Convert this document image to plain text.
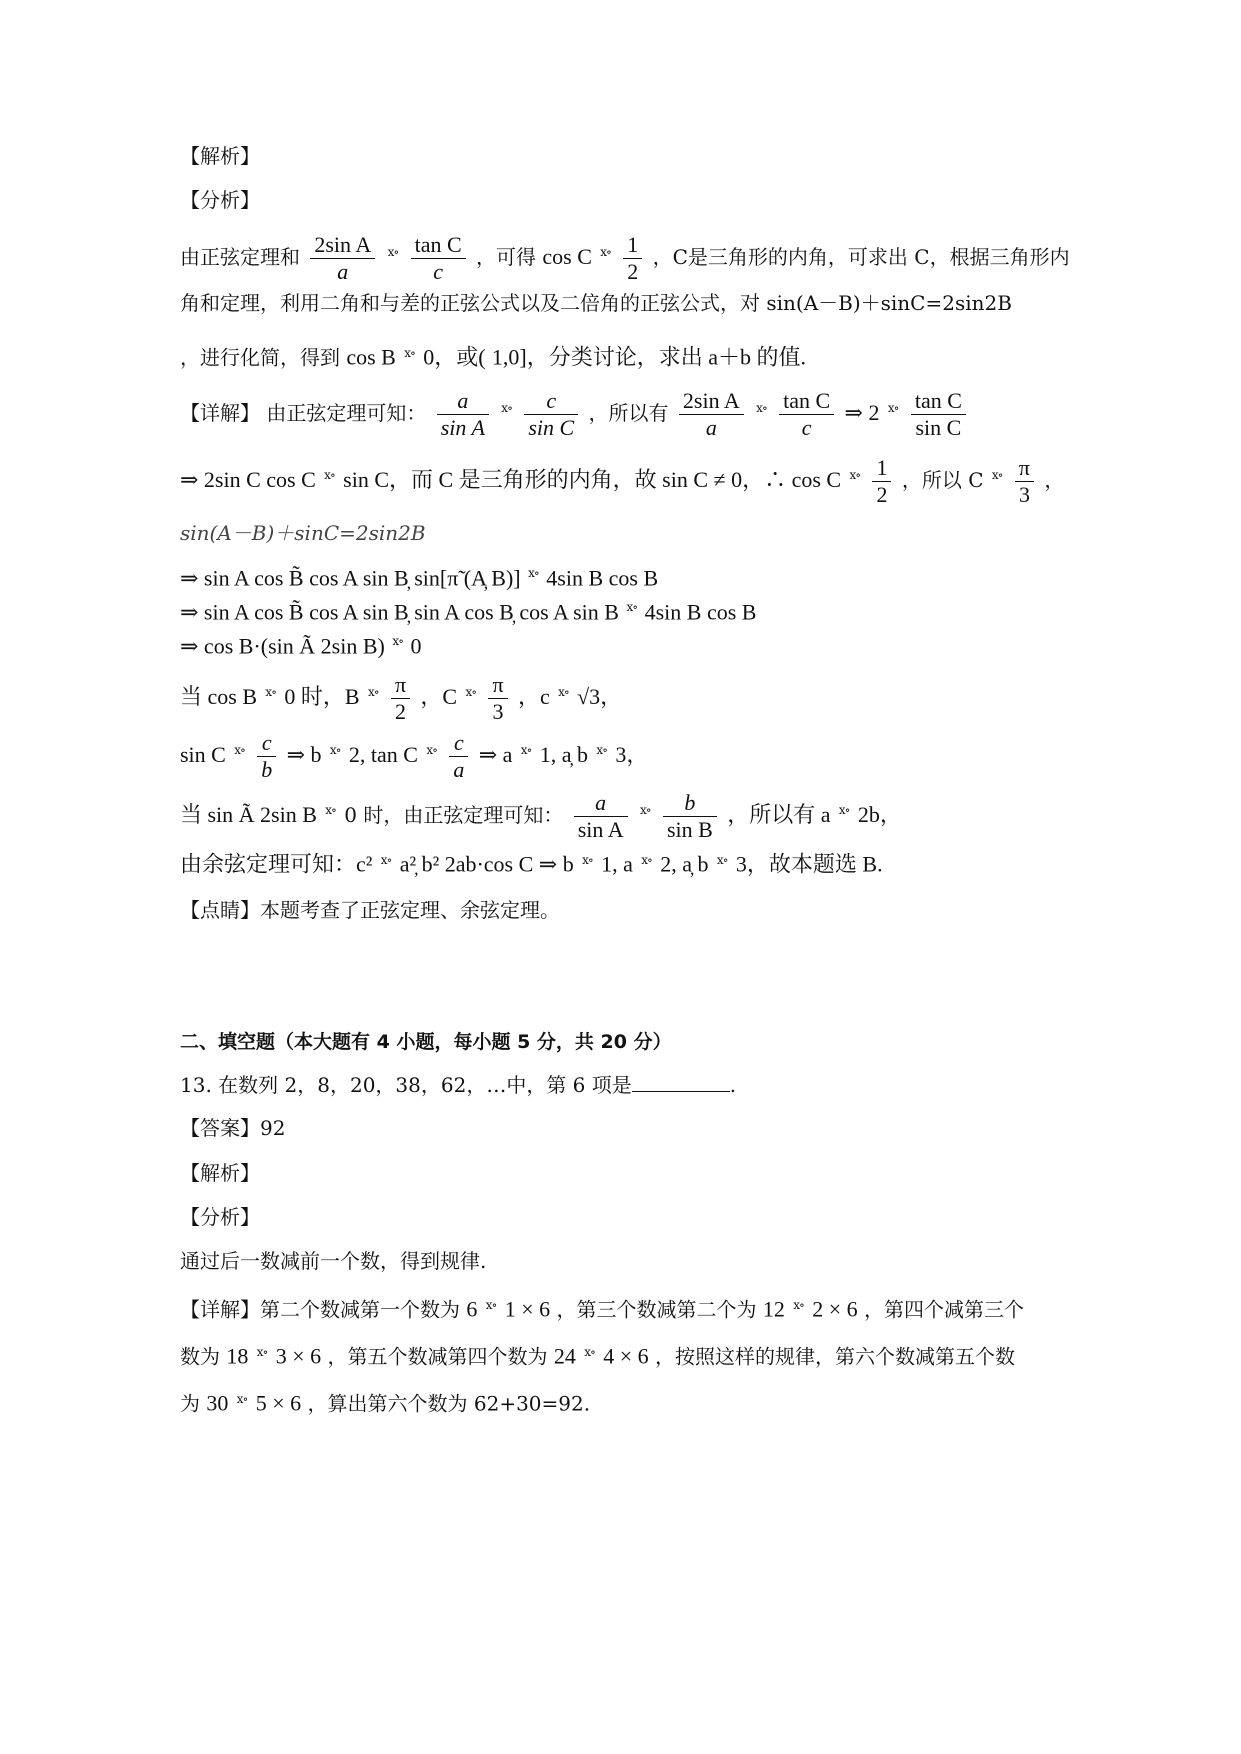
【解析】
【分析】
由正弦定理和 $\frac{\text{2sin A}}{a}$ ⅹ∘ $\frac{\text{tan C}}{c}$ ，可得 cos C ⅹ∘ $\frac{1}{2}$ ，C是三角形的内角，可求出 C，根据三角形内
角和定理，利用二角和与差的正弦公式以及二倍角的正弦公式，对 sin(A－B)＋sinC=2sin2B
，进行化简，得到 cos B ⅹ∘ 0，或( 1,0]，分类讨论，求出 a＋b 的值.
【详解】 由正弦定理可知： $\frac{a}{\text{sin A}}$ ⅹ∘ $\frac{c}{\text{sin C}}$ ，所以有 $\frac{\text{2sin A}}{a}$ ⅹ∘ $\frac{\text{tan C}}{c}$ ⇒ 2 ⅹ∘ $\frac{\text{tan C}}{\text{sin C}}$
⇒ 2sin C cos C ⅹ∘ sin C，而 C 是三角形的内角，故 sin C ≠ 0，∴ cos C ⅹ∘ $\frac{1}{2}$ ，所以 C ⅹ∘ $\frac{\pi}{3}$ ，
sin(A－B)＋sinC=2sin2B
⇒ sin A cos B̃ cos A sin B̦ sin[π̃ (A̦ B)] ⅹ∘ 4sin B cos B
⇒ sin A cos B̃ cos A sin B̦ sin A cos B̦ cos A sin B ⅹ∘ 4sin B cos B
⇒ cos B·(sin Ã 2sin B) ⅹ∘ 0
当 cos B ⅹ∘ 0 时，B ⅹ∘ $\frac{\pi}{2}$ ，C ⅹ∘ $\frac{\pi}{3}$ ，c ⅹ∘ √3，
sin C ⅹ∘ $\frac{c}{b}$ ⇒ b ⅹ∘ 2, tan C ⅹ∘ $\frac{c}{a}$ ⇒ a ⅹ∘ 1, a̦ b ⅹ∘ 3，
当 sin Ã 2sin B ⅹ∘ 0 时，由正弦定理可知： $\frac{a}{\text{sin A}}$ ⅹ∘ $\frac{b}{\text{sin B}}$ ，所以有 a ⅹ∘ 2b，
由余弦定理可知：c² ⅹ∘ a²̦ b² 2ab·cos C ⇒ b ⅹ∘ 1, a ⅹ∘ 2, a̦ b ⅹ∘ 3，故本题选 B.
【点睛】本题考查了正弦定理、余弦定理。
二、填空题（本大题有 4 小题，每小题 5 分，共 20 分）
13. 在数列 2，8，20，38，62，…中，第 6 项是	.
【答案】92
【解析】
【分析】
通过后一数减前一个数，得到规律.
【详解】第二个数减第一个数为 6 ⅹ∘ 1 × 6 ，第三个数减第二个为 12 ⅹ∘ 2 × 6 ，第四个减第三个
数为 18 ⅹ∘ 3 × 6 ，第五个数减第四个数为 24 ⅹ∘ 4 × 6 ，按照这样的规律，第六个数减第五个数
为 30 ⅹ∘ 5 × 6 ，算出第六个数为 62+30=92.
